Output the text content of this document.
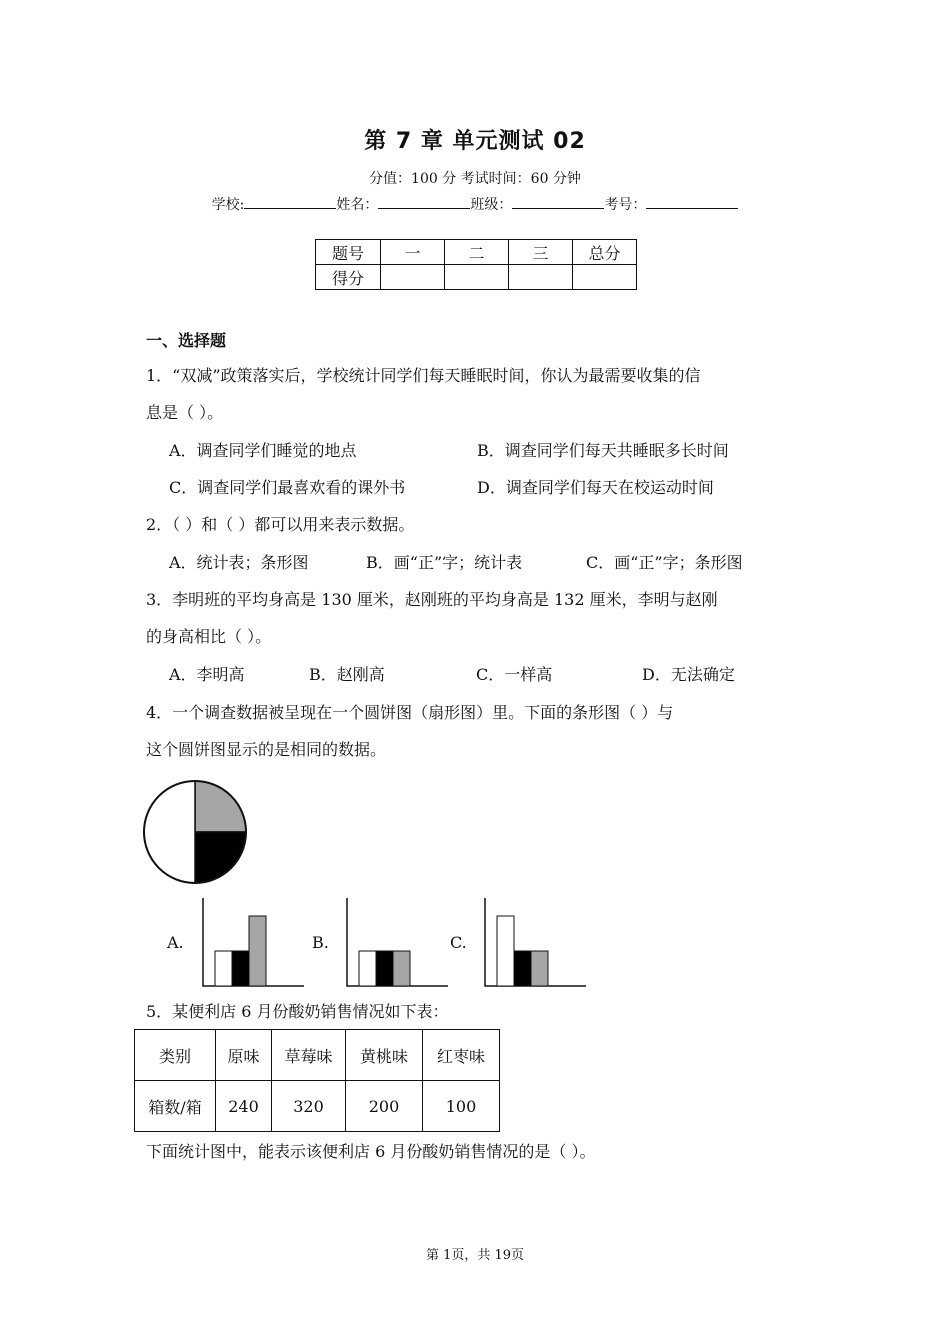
第 7 章 单元测试 02
分值：100 分 考试时间：60 分钟
学校:	姓名：	班级：	考号：
题号	一	二	三	总分
得分				
一、选择题
1．“双减”政策落实后，学校统计同学们每天睡眠时间，你认为最需要收集的信
息是（ ）。
A．调查同学们睡觉的地点	B．调查同学们每天共睡眠多长时间
C．调查同学们最喜欢看的课外书	D．调查同学们每天在校运动时间
2．（ ）和（ ）都可以用来表示数据。
A．统计表；条形图	B．画“正”字；统计表	C．画“正”字；条形图
3．李明班的平均身高是 130 厘米，赵刚班的平均身高是 132 厘米，李明与赵刚
的身高相比（ ）。
A．李明高	B．赵刚高	C．一样高	D．无法确定
4．一个调查数据被呈现在一个圆饼图（扇形图）里。下面的条形图（ ）与
这个圆饼图显示的是相同的数据。
A.	B.	C.
5．某便利店 6 月份酸奶销售情况如下表：
类别	原味	草莓味	黄桃味	红枣味
箱数/箱	240	320	200	100
下面统计图中，能表示该便利店 6 月份酸奶销售情况的是（ ）。
第 1页，共 19页
